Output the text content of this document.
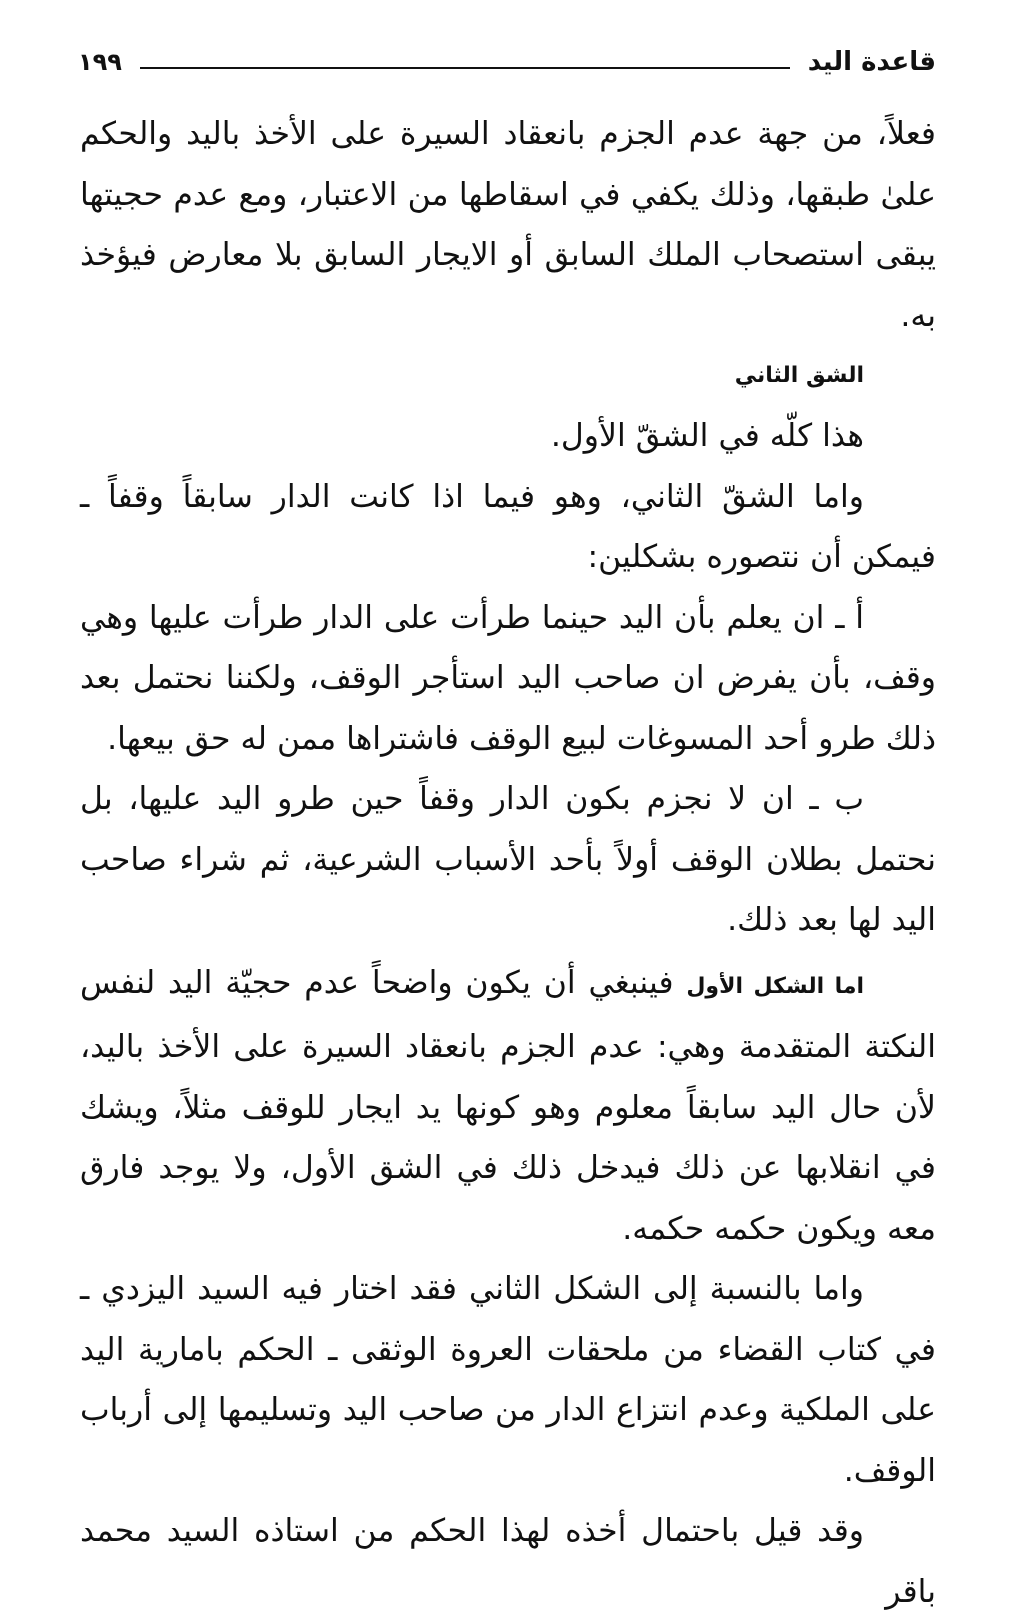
قاعدة اليد
١٩٩

فعلاً، من جهة عدم الجزم بانعقاد السيرة على الأخذ باليد والحكم علىٰ طبقها، وذلك يكفي في اسقاطها من الاعتبار، ومع عدم حجيتها يبقى استصحاب الملك السابق أو الايجار السابق بلا معارض فيؤخذ به.

الشق الثاني

هذا كلّه في الشقّ الأول.

واما الشقّ الثاني، وهو فيما اذا كانت الدار سابقاً وقفاً ـ فيمكن أن نتصوره بشكلين:

أ ـ ان يعلم بأن اليد حينما طرأت على الدار طرأت عليها وهي وقف، بأن يفرض ان صاحب اليد استأجر الوقف، ولكننا نحتمل بعد ذلك طرو أحد المسوغات لبيع الوقف فاشتراها ممن له حق بيعها.

ب ـ ان لا نجزم بكون الدار وقفاً حين طرو اليد عليها، بل نحتمل بطلان الوقف أولاً بأحد الأسباب الشرعية، ثم شراء صاحب اليد لها بعد ذلك.

اما الشكل الأول فينبغي أن يكون واضحاً عدم حجيّة اليد لنفس النكتة المتقدمة وهي: عدم الجزم بانعقاد السيرة على الأخذ باليد، لأن حال اليد سابقاً معلوم وهو كونها يد ايجار للوقف مثلاً، ويشك في انقلابها عن ذلك فيدخل ذلك في الشق الأول، ولا يوجد فارق معه ويكون حكمه حكمه.

واما بالنسبة إلى الشكل الثاني فقد اختار فيه السيد اليزدي ـ في كتاب القضاء من ملحقات العروة الوثقى ـ الحكم بامارية اليد على الملكية وعدم انتزاع الدار من صاحب اليد وتسليمها إلى أرباب الوقف.

وقد قيل باحتمال أخذه لهذا الحكم من استاذه السيد محمد باقر
